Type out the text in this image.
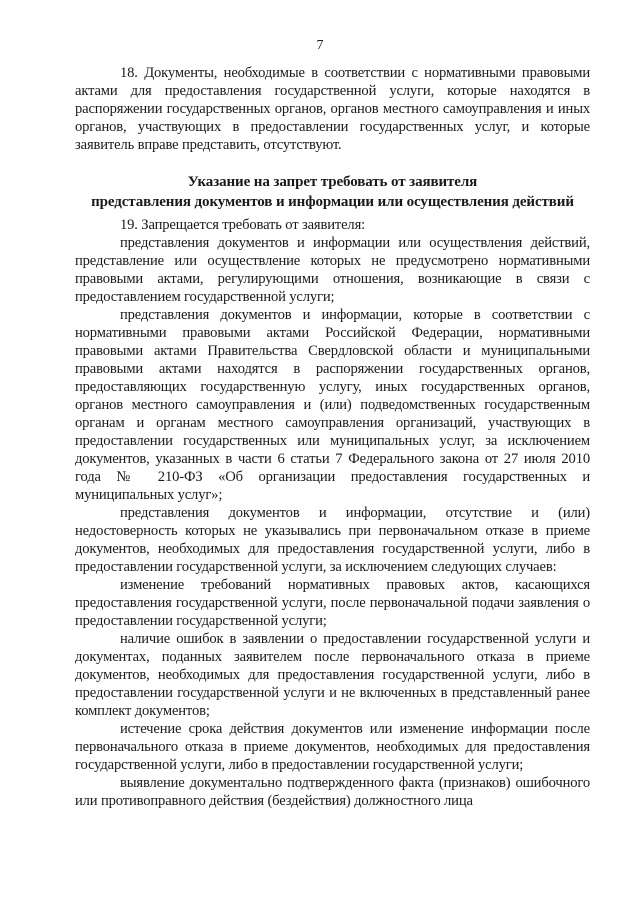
7

18. Документы, необходимые в соответствии с нормативными правовыми актами для предоставления государственной услуги, которые находятся в распоряжении государственных органов, органов местного самоуправления и иных органов, участвующих в предоставлении государственных услуг, и которые заявитель вправе представить, отсутствуют.

Указание на запрет требовать от заявителя
представления документов и информации или осуществления действий

19. Запрещается требовать от заявителя:

представления документов и информации или осуществления действий, представление или осуществление которых не предусмотрено нормативными правовыми актами, регулирующими отношения, возникающие в связи с предоставлением государственной услуги;

представления документов и информации, которые в соответствии с нормативными правовыми актами Российской Федерации, нормативными правовыми актами Правительства Свердловской области и муниципальными правовыми актами находятся в распоряжении государственных органов, предоставляющих государственную услугу, иных государственных органов, органов местного самоуправления и (или) подведомственных государственным органам и органам местного самоуправления организаций, участвующих в предоставлении государственных или муниципальных услуг, за исключением документов, указанных в части 6 статьи 7 Федерального закона от 27 июля 2010 года № 210-ФЗ «Об организации предоставления государственных и муниципальных услуг»;

представления документов и информации, отсутствие и (или) недостоверность которых не указывались при первоначальном отказе в приеме документов, необходимых для предоставления государственной услуги, либо в предоставлении государственной услуги, за исключением следующих случаев:

изменение требований нормативных правовых актов, касающихся предоставления государственной услуги, после первоначальной подачи заявления о предоставлении государственной услуги;

наличие ошибок в заявлении о предоставлении государственной услуги и документах, поданных заявителем после первоначального отказа в приеме документов, необходимых для предоставления государственной услуги, либо в предоставлении государственной услуги и не включенных в представленный ранее комплект документов;

истечение срока действия документов или изменение информации после первоначального отказа в приеме документов, необходимых для предоставления государственной услуги, либо в предоставлении государственной услуги;

выявление документально подтвержденного факта (признаков) ошибочного или противоправного действия (бездействия) должностного лица
